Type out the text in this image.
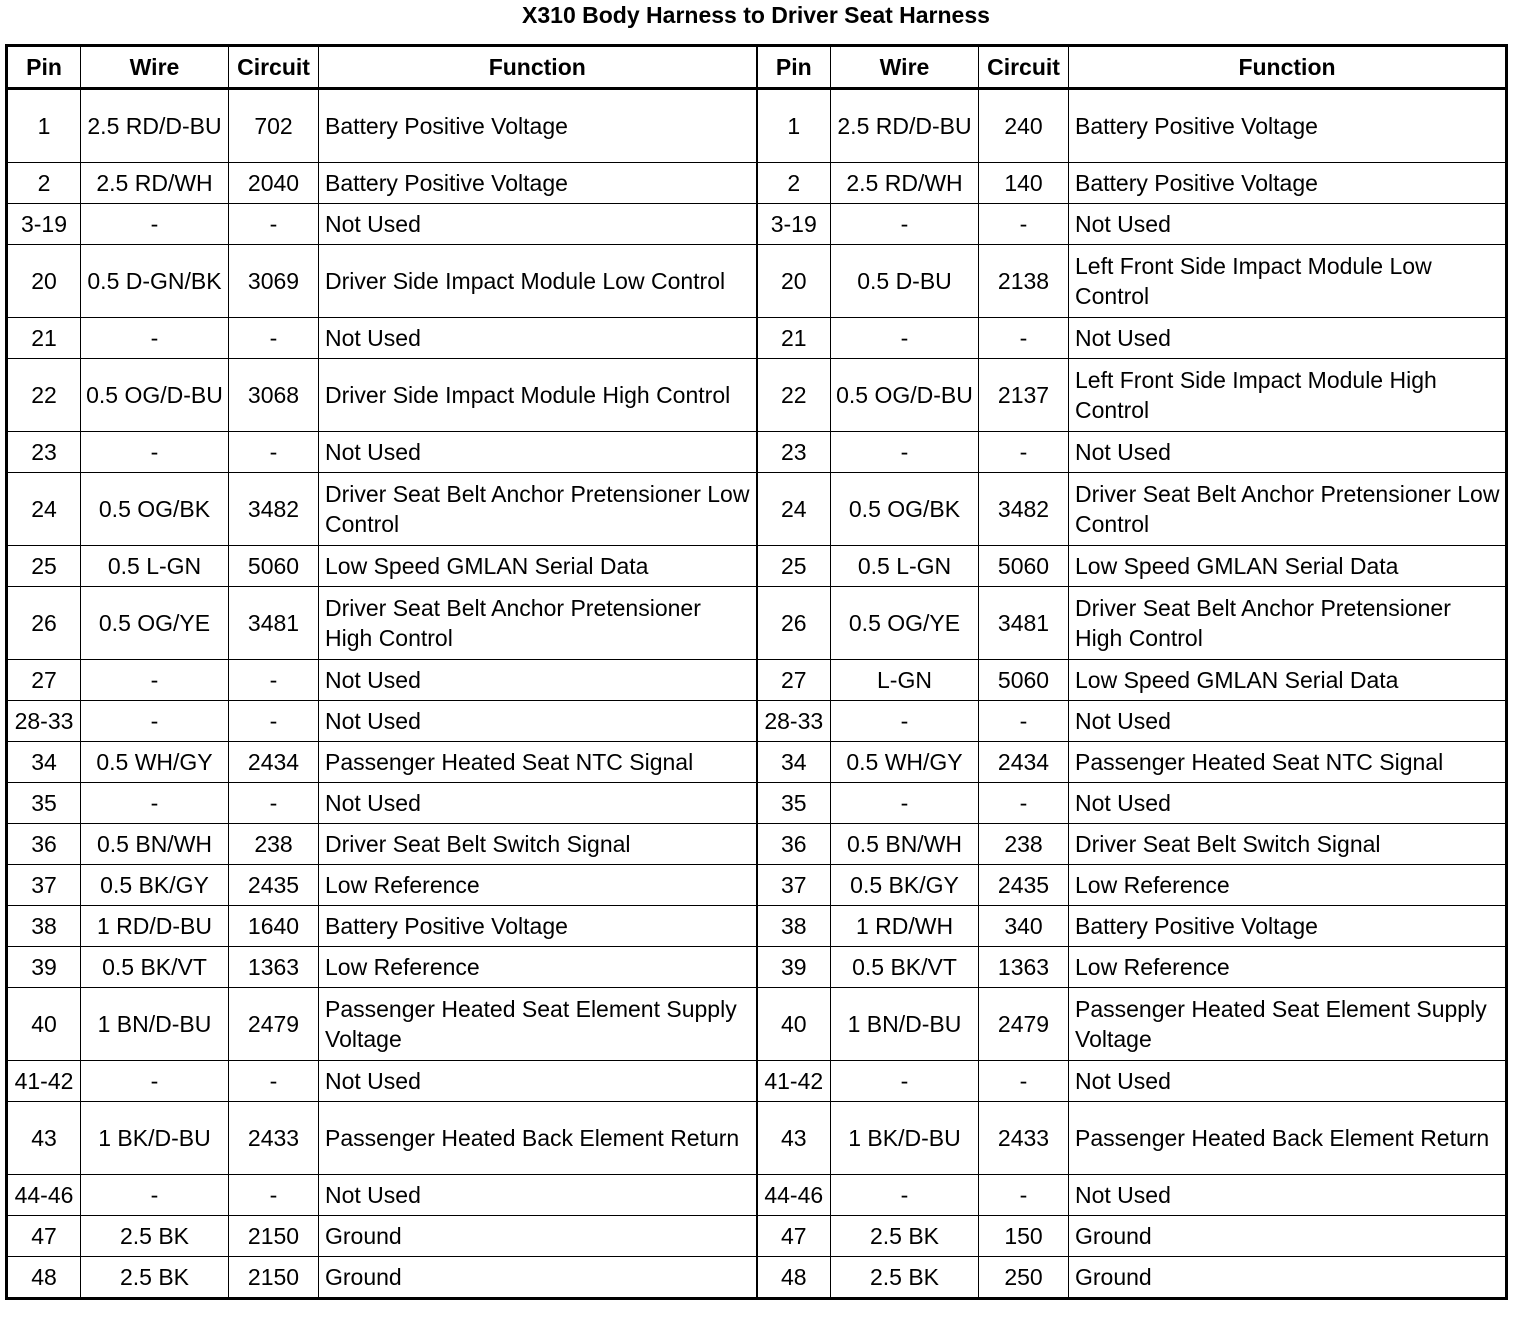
X310 Body Harness to Driver Seat Harness
Pin	Wire	Circuit	Function	Pin	Wire	Circuit	Function
1	2.5 RD/D-BU	702	Battery Positive Voltage	1	2.5 RD/D-BU	240	Battery Positive Voltage
2	2.5 RD/WH	2040	Battery Positive Voltage	2	2.5 RD/WH	140	Battery Positive Voltage
3-19	-	-	Not Used	3-19	-	-	Not Used
20	0.5 D-GN/BK	3069	Driver Side Impact Module Low Control	20	0.5 D-BU	2138	Left Front Side Impact Module Low Control
21	-	-	Not Used	21	-	-	Not Used
22	0.5 OG/D-BU	3068	Driver Side Impact Module High Control	22	0.5 OG/D-BU	2137	Left Front Side Impact Module High Control
23	-	-	Not Used	23	-	-	Not Used
24	0.5 OG/BK	3482	Driver Seat Belt Anchor Pretensioner Low Control	24	0.5 OG/BK	3482	Driver Seat Belt Anchor Pretensioner Low Control
25	0.5 L-GN	5060	Low Speed GMLAN Serial Data	25	0.5 L-GN	5060	Low Speed GMLAN Serial Data
26	0.5 OG/YE	3481	Driver Seat Belt Anchor Pretensioner High Control	26	0.5 OG/YE	3481	Driver Seat Belt Anchor Pretensioner High Control
27	-	-	Not Used	27	L-GN	5060	Low Speed GMLAN Serial Data
28-33	-	-	Not Used	28-33	-	-	Not Used
34	0.5 WH/GY	2434	Passenger Heated Seat NTC Signal	34	0.5 WH/GY	2434	Passenger Heated Seat NTC Signal
35	-	-	Not Used	35	-	-	Not Used
36	0.5 BN/WH	238	Driver Seat Belt Switch Signal	36	0.5 BN/WH	238	Driver Seat Belt Switch Signal
37	0.5 BK/GY	2435	Low Reference	37	0.5 BK/GY	2435	Low Reference
38	1 RD/D-BU	1640	Battery Positive Voltage	38	1 RD/WH	340	Battery Positive Voltage
39	0.5 BK/VT	1363	Low Reference	39	0.5 BK/VT	1363	Low Reference
40	1 BN/D-BU	2479	Passenger Heated Seat Element Supply Voltage	40	1 BN/D-BU	2479	Passenger Heated Seat Element Supply Voltage
41-42	-	-	Not Used	41-42	-	-	Not Used
43	1 BK/D-BU	2433	Passenger Heated Back Element Return	43	1 BK/D-BU	2433	Passenger Heated Back Element Return
44-46	-	-	Not Used	44-46	-	-	Not Used
47	2.5 BK	2150	Ground	47	2.5 BK	150	Ground
48	2.5 BK	2150	Ground	48	2.5 BK	250	Ground
